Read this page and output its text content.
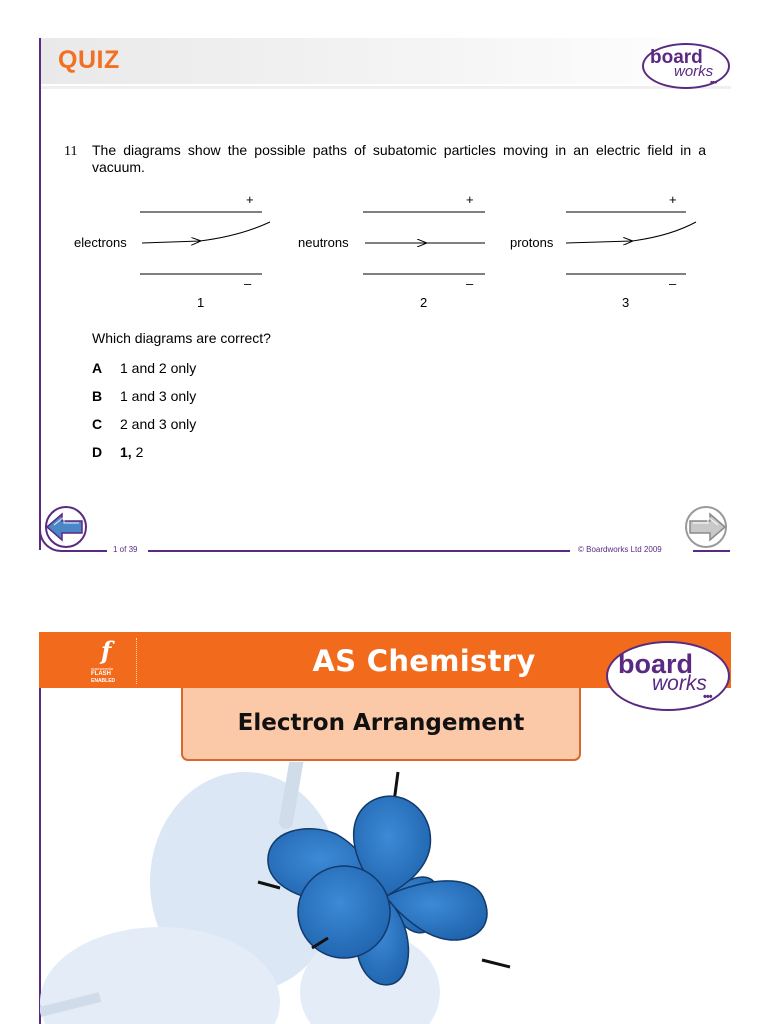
QUIZ	board
works
•••
11 The diagrams show the possible paths of subatomic particles moving in an electric field in a vacuum.
+
–
electrons
1
+
–
neutrons
2
+
–
protons
3
Which diagrams are correct?
A 1 and 2 only
B 1 and 3 only
C 2 and 3 only
D 1, 2
1 of 39	© Boardworks Ltd 2009
f
macromedia
FLASH
ENABLED
AS Chemistry	board
works
•••
Electron Arrangement
